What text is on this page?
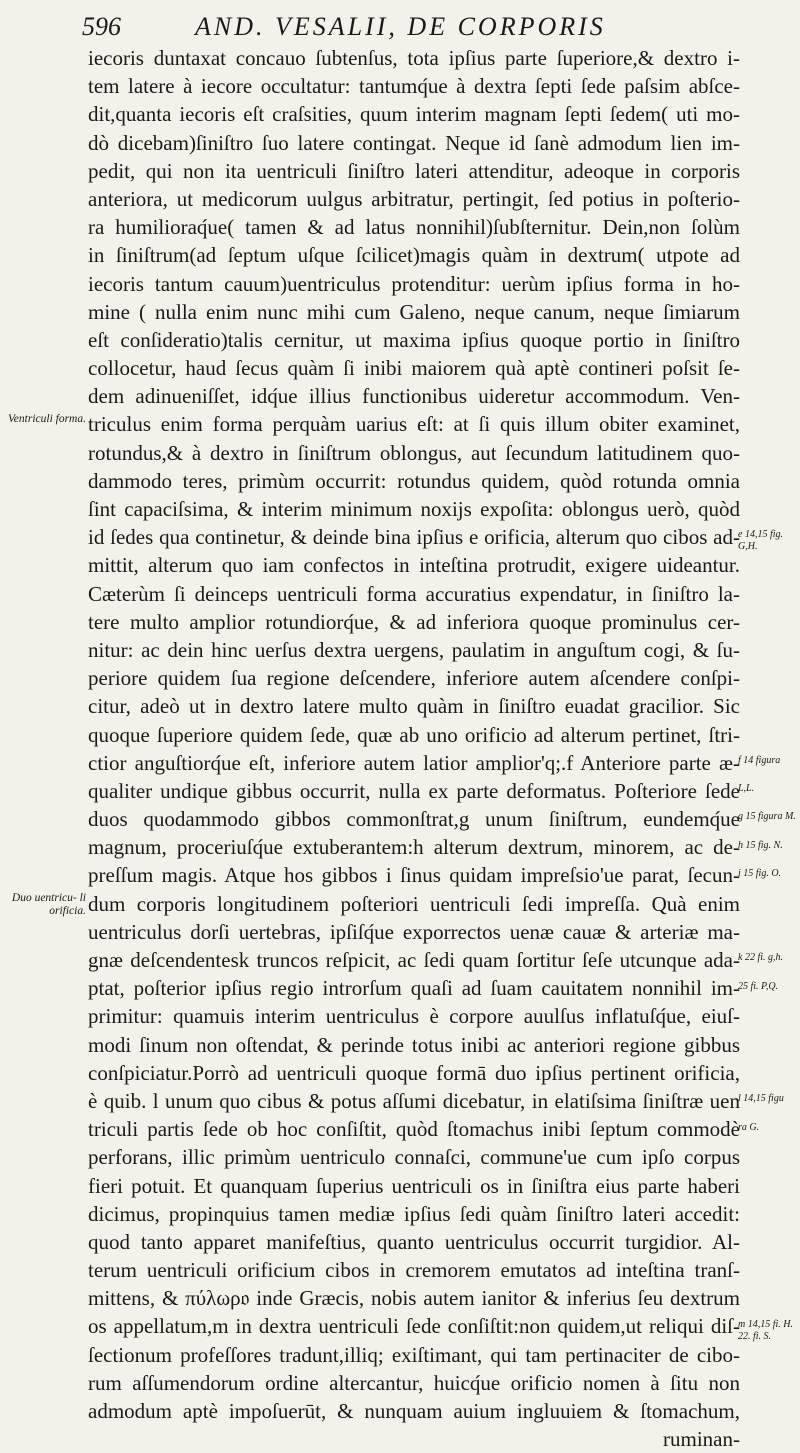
596	AND. VESALII, DE CORPORIS
iecoris duntaxat concauo ſubtenſus, tota ipſius parte ſuperiore,& dextro i-
tem latere à iecore occultatur: tantumq́ue à dextra ſepti ſede paſsim abſce-
dit,quanta iecoris eſt craſsities, quum interim magnam ſepti ſedem( uti mo-
dò dicebam)ſiniſtro ſuo latere contingat. Neque id ſanè admodum lien im-
pedit, qui non ita uentriculi ſiniſtro lateri attenditur, adeoque in corporis
anteriora, ut medicorum uulgus arbitratur, pertingit, ſed potius in poſterio-
ra humilioraq́ue( tamen & ad latus nonnihil)ſubſternitur. Dein,non ſolùm
in ſiniſtrum(ad ſeptum uſque ſcilicet)magis quàm in dextrum( utpote ad
iecoris tantum cauum)uentriculus protenditur: uerùm ipſius forma in ho-
mine ( nulla enim nunc mihi cum Galeno, neque canum, neque ſimiarum
eſt conſideratio)talis cernitur, ut maxima ipſius quoque portio in ſiniſtro
collocetur, haud ſecus quàm ſi inibi maiorem quà aptè contineri poſsit ſe-
dem adinueniſſet, idq́ue illius functionibus uideretur accommodum. Ven-
triculus enim forma perquàm uarius eſt: at ſi quis illum obiter examinet,
rotundus,& à dextro in ſiniſtrum oblongus, aut ſecundum latitudinem quo-
dammodo teres, primùm occurrit: rotundus quidem, quòd rotunda omnia
ſint capaciſsima, & interim minimum noxijs expoſita: oblongus uerò, quòd
id ſedes qua continetur, & deinde bina ipſius e orificia, alterum quo cibos ad-
mittit, alterum quo iam confectos in inteſtina protrudit, exigere uideantur.
Cæterùm ſi deinceps uentriculi forma accuratius expendatur, in ſiniſtro la-
tere multo amplior rotundiorq́ue, & ad inferiora quoque prominulus cer-
nitur: ac dein hinc uerſus dextra uergens, paulatim in anguſtum cogi, & ſu-
periore quidem ſua regione deſcendere, inferiore autem aſcendere conſpi-
citur, adeò ut in dextro latere multo quàm in ſiniſtro euadat gracilior. Sic
quoque ſuperiore quidem ſede, quæ ab uno orificio ad alterum pertinet, ſtri-
ctior anguſtiorq́ue eſt, inferiore autem latior amplior'q;.f Anteriore parte æ-
qualiter undique gibbus occurrit, nulla ex parte deformatus. Poſteriore ſede
duos quodammodo gibbos commonſtrat,g unum ſiniſtrum, eundemq́ue
magnum, proceriuſq́ue extuberantem:h alterum dextrum, minorem, ac de-
preſſum magis. Atque hos gibbos i ſinus quidam impreſsio'ue parat, ſecun-
dum corporis longitudinem poſteriori uentriculi ſedi impreſſa. Quà enim
uentriculus dorſi uertebras, ipſiſq́ue exporrectos uenæ cauæ & arteriæ ma-
gnæ deſcendentesk truncos reſpicit, ac ſedi quam ſortitur ſeſe utcunque ada-
ptat, poſterior ipſius regio introrſum quaſi ad ſuam cauitatem nonnihil im-
primitur: quamuis interim uentriculus è corpore auulſus inflatuſq́ue, eiuſ-
modi ſinum non oſtendat, & perinde totus inibi ac anteriori regione gibbus
conſpiciatur.Porrò ad uentriculi quoque formā duo ipſius pertinent orificia,
è quib. l unum quo cibus & potus aſſumi dicebatur, in elatiſsima ſiniſtræ uen
triculi partis ſede ob hoc conſiſtit, quòd ſtomachus inibi ſeptum commodè
perforans, illic primùm uentriculo connaſci, commune'ue cum ipſo corpus
fieri potuit. Et quanquam ſuperius uentriculi os in ſiniſtra eius parte haberi
dicimus, propinquius tamen mediæ ipſius ſedi quàm ſiniſtro lateri accedit:
quod tanto apparet manifeſtius, quanto uentriculus occurrit turgidior. Al-
terum uentriculi orificium cibos in cremorem emutatos ad inteſtina tranſ-
mittens, & πύλωρ𝔬 inde Græcis, nobis autem ianitor & inferius ſeu dextrum
os appellatum,m in dextra uentriculi ſede conſiſtit:non quidem,ut reliqui diſ-
ſectionum profeſſores tradunt,illiq; exiſtimant, qui tam pertinaciter de cibo-
rum aſſumendorum ordine altercantur, huicq́ue orificio nomen à ſitu non
admodum aptè impoſuerūt, & nunquam auium ingluuiem & ſtomachum,
ruminan-
Ventriculi forma.
Duo uentricu- li orificia.
e 14,15 fig. G,H.
f 14 figura
L,L.
g 15 figura M.
h 15 fig. N.
i 15 fig. O.
k 22 fi. g,h.
25 fi. P,Q.
l 14,15 figu
ra G.
m 14,15 fi. H. 22. fi. S.
